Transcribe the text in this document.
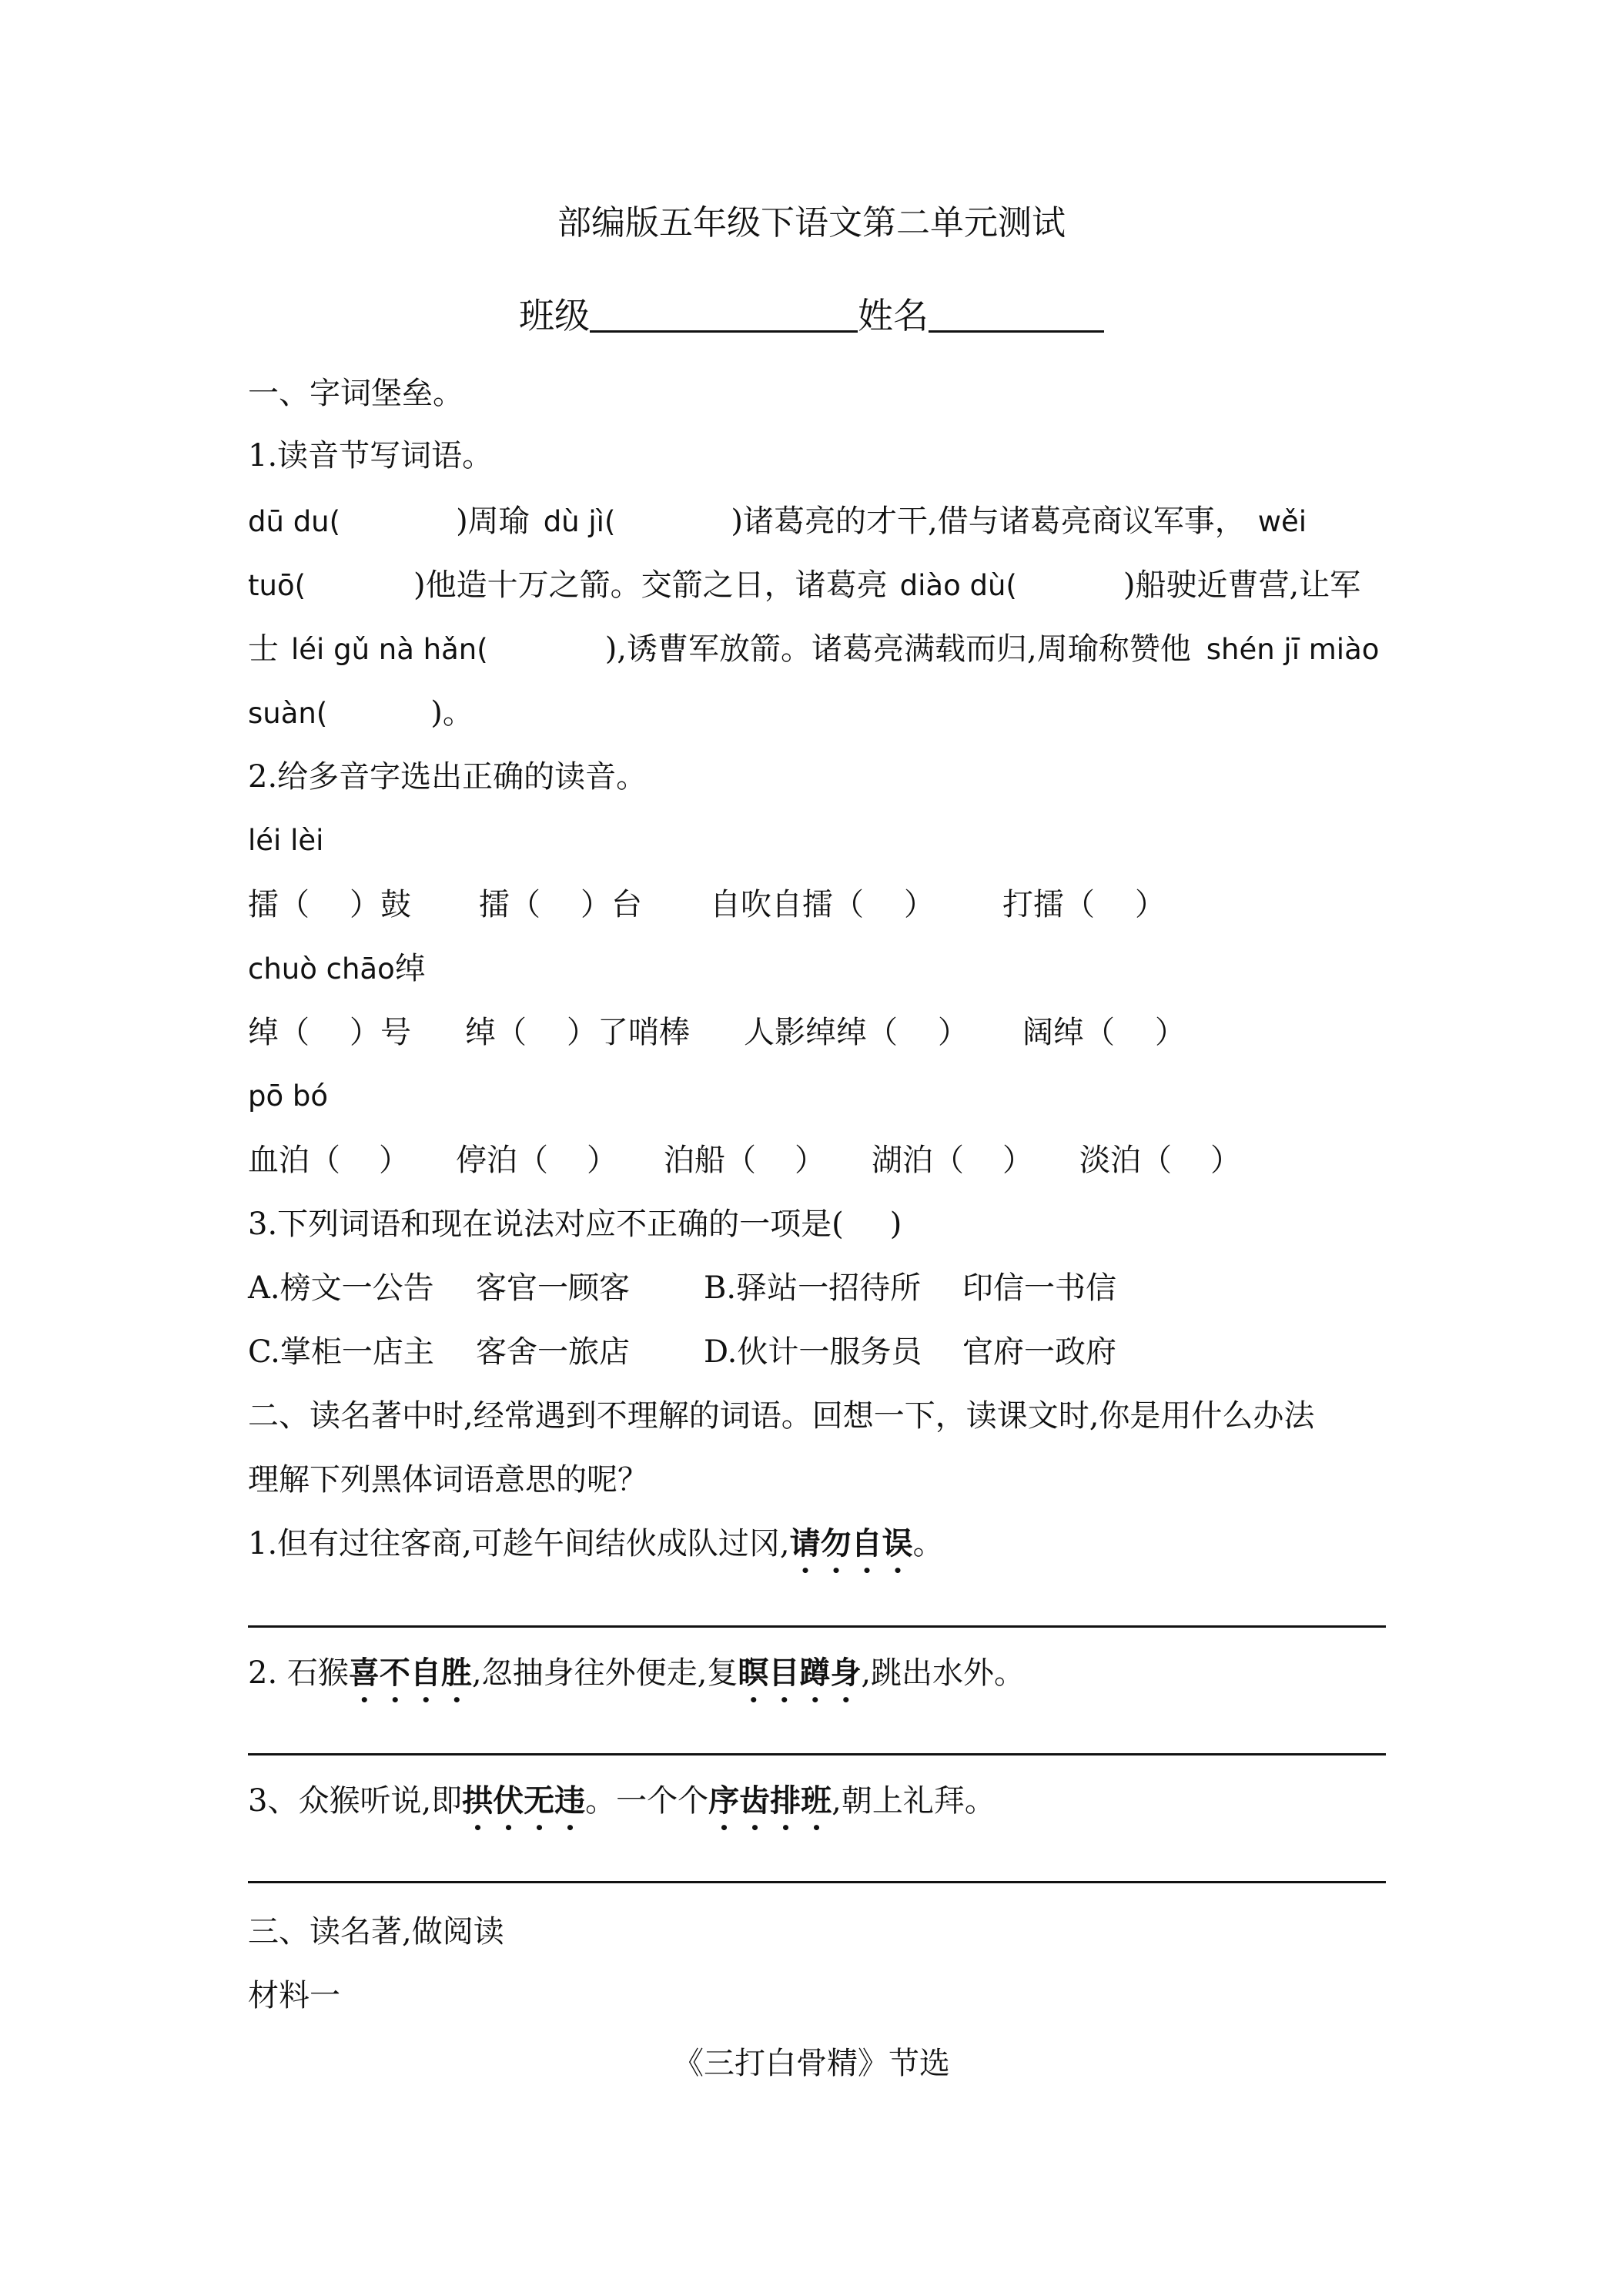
部编版五年级下语文第二单元测试
班级	姓名
一、字词堡垒。
1.读音节写词语。
dū du(	)周瑜 dù jì(	)诸葛亮的才干,借与诸葛亮商议军事， wěi
tuō(	)他造十万之箭。交箭之日，诸葛亮 diào dù(	)船驶近曹营,让军
士 léi gǔ nà hǎn(	),诱曹军放箭。诸葛亮满载而归,周瑜称赞他 shén jī miào
suàn(	)。
2.给多音字选出正确的读音。
léi lèi
擂（ ）鼓 擂（ ）台 自吹自擂（ ） 打擂（ ）
chuò chāo绰
绰（ ）号 绰（ ）了哨棒 人影绰绰（ ） 阔绰（ ）
pō bó
血泊（ ） 停泊（ ） 泊船（ ） 湖泊（ ） 淡泊（ ）
3.下列词语和现在说法对应不正确的一项是( )
A.榜文一公告 客官一顾客 B.驿站一招待所 印信一书信
C.掌柜一店主 客舍一旅店 D.伙计一服务员 官府一政府
二、读名著中时,经常遇到不理解的词语。回想一下，读课文时,你是用什么办法
理解下列黑体词语意思的呢？
1.但有过往客商,可趁午间结伙成队过冈,请勿自误。
2. 石猴喜不自胜,忽抽身往外便走,复瞑目蹲身,跳出水外。
3、众猴听说,即拱伏无违。一个个序齿排班,朝上礼拜。
三、读名著,做阅读
材料一
《三打白骨精》节选
